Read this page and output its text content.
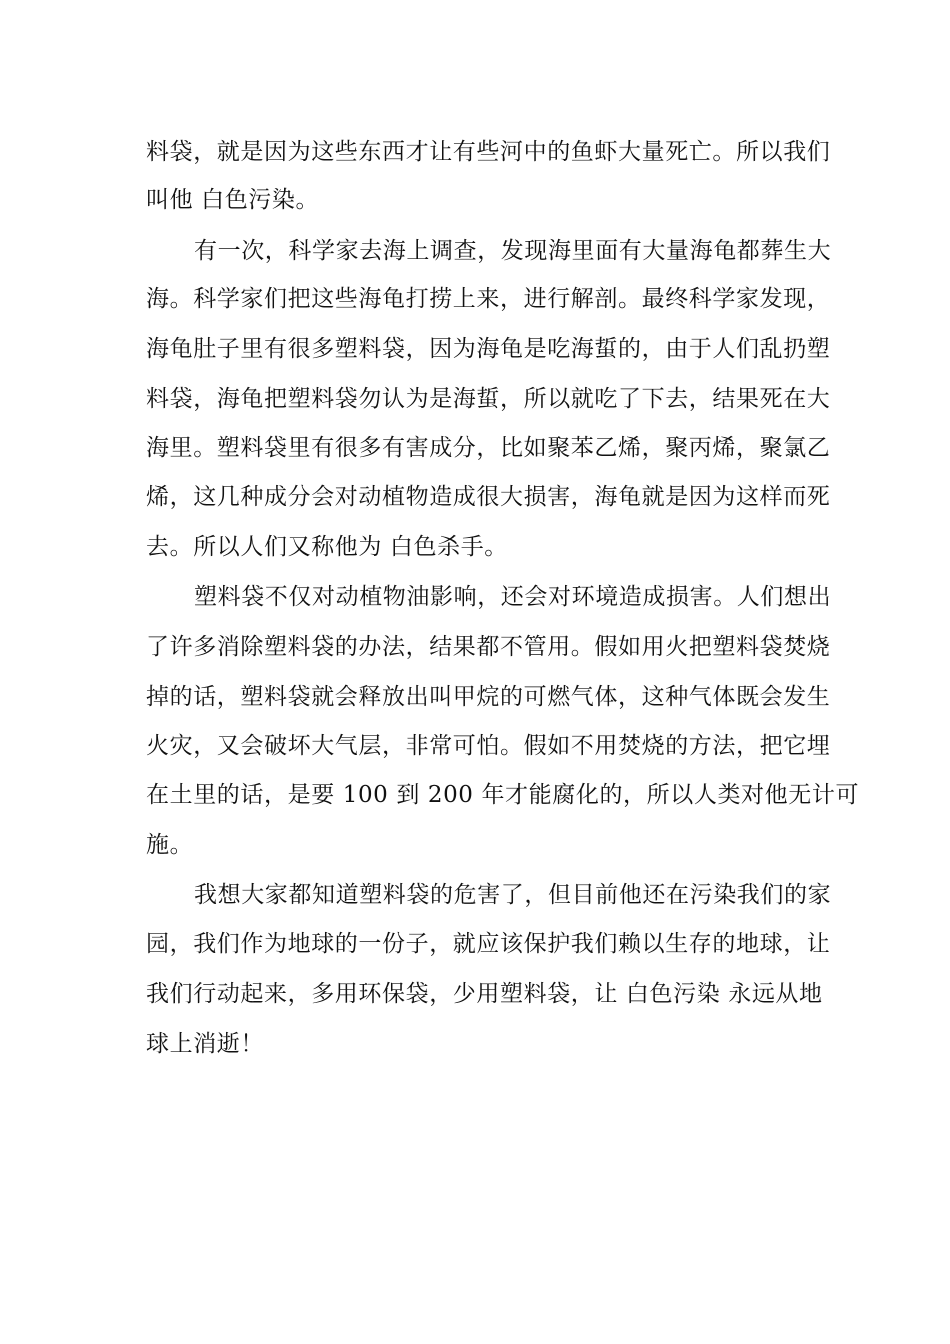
料袋，就是因为这些东西才让有些河中的鱼虾大量死亡。所以我们
叫他 白色污染。
有一次，科学家去海上调查，发现海里面有大量海龟都葬生大
海。科学家们把这些海龟打捞上来，进行解剖。最终科学家发现，
海龟肚子里有很多塑料袋，因为海龟是吃海蜇的，由于人们乱扔塑
料袋，海龟把塑料袋勿认为是海蜇，所以就吃了下去，结果死在大
海里。塑料袋里有很多有害成分，比如聚苯乙烯，聚丙烯，聚氯乙
烯，这几种成分会对动植物造成很大损害，海龟就是因为这样而死
去。所以人们又称他为 白色杀手。
塑料袋不仅对动植物油影响，还会对环境造成损害。人们想出
了许多消除塑料袋的办法，结果都不管用。假如用火把塑料袋焚烧
掉的话，塑料袋就会释放出叫甲烷的可燃气体，这种气体既会发生
火灾，又会破坏大气层，非常可怕。假如不用焚烧的方法，把它埋
在土里的话，是要 100 到 200 年才能腐化的，所以人类对他无计可
施。
我想大家都知道塑料袋的危害了，但目前他还在污染我们的家
园，我们作为地球的一份子，就应该保护我们赖以生存的地球，让
我们行动起来，多用环保袋，少用塑料袋，让 白色污染 永远从地
球上消逝！
